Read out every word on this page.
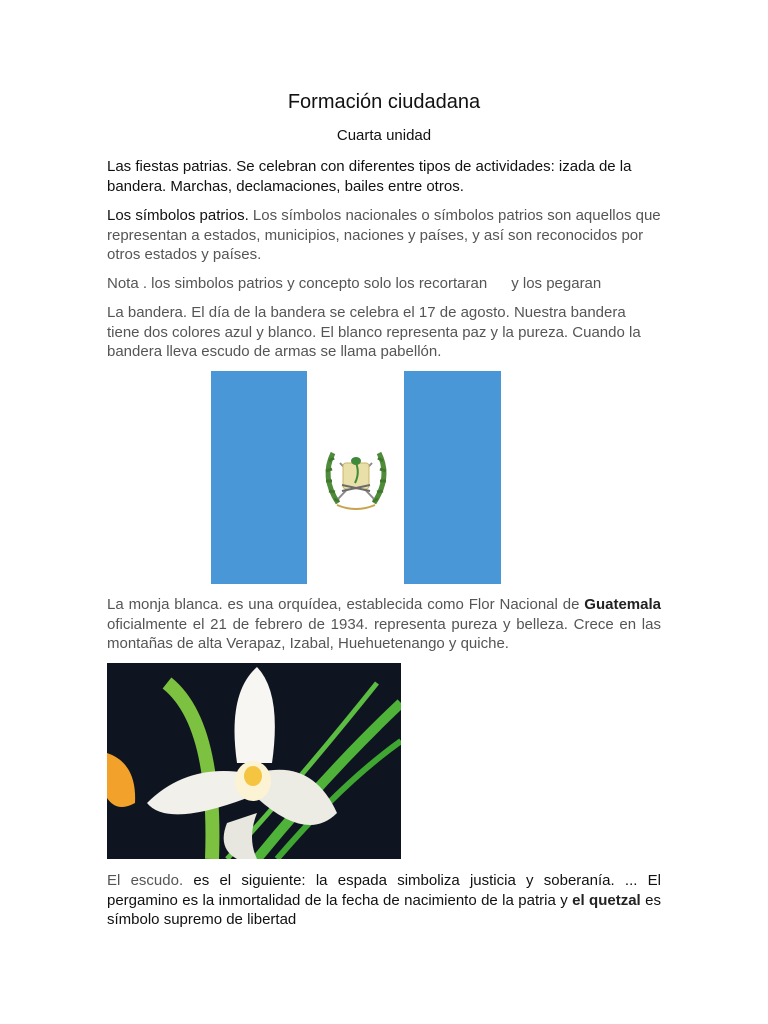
Formación ciudadana
Cuarta unidad
Las fiestas patrias. Se celebran con diferentes tipos de actividades: izada de la bandera. Marchas, declamaciones, bailes entre otros.
Los símbolos patrios. Los símbolos nacionales o símbolos patrios son aquellos que representan a estados, municipios, naciones y países, y así son reconocidos por otros estados y países.
Nota . los simbolos patrios y concepto solo los recortaran y los pegaran
La bandera. El día de la bandera se celebra el 17 de agosto. Nuestra bandera tiene dos colores azul y blanco. El blanco representa paz y la pureza. Cuando la bandera lleva escudo de armas se llama pabellón.
La monja blanca. es una orquídea, establecida como Flor Nacional de Guatemala oficialmente el 21 de febrero de 1934. representa pureza y belleza. Crece en las montañas de alta Verapaz, Izabal, Huehuetenango y quiche.
El escudo. es el siguiente: la espada simboliza justicia y soberanía. ... El pergamino es la inmortalidad de la fecha de nacimiento de la patria y el quetzal es símbolo supremo de libertad
